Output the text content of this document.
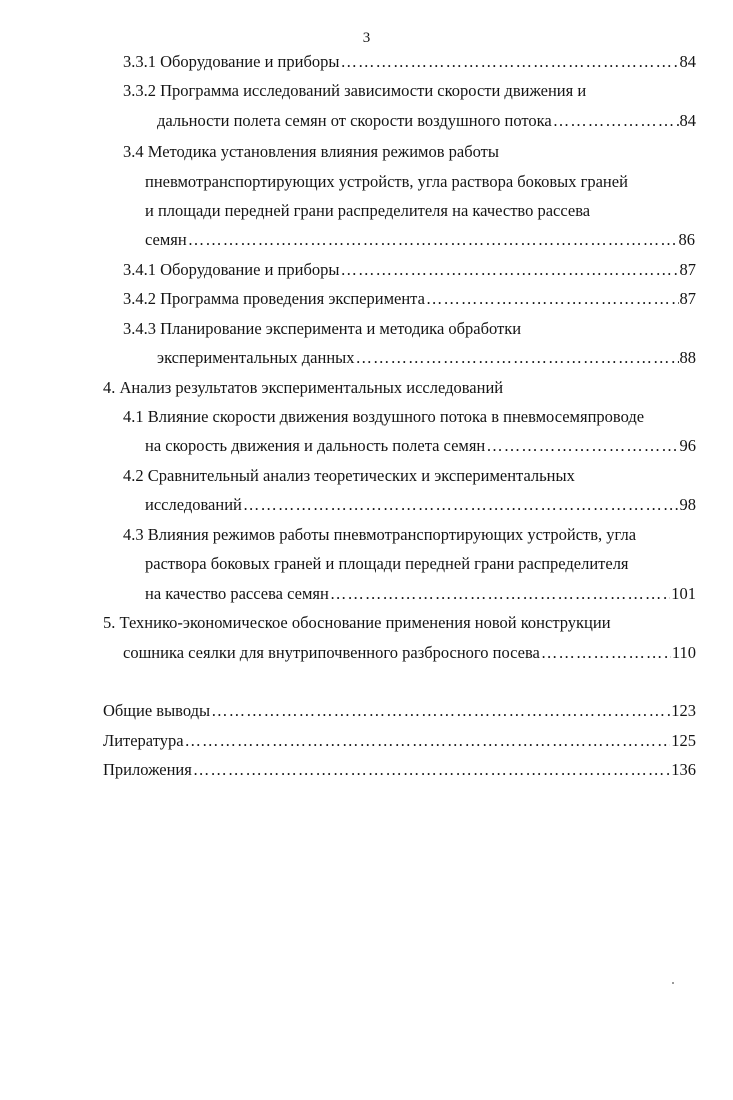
3
3.3.1 Оборудование и приборы ……………………………………………………………………………………………………………………………………………………………………………………………	84
3.3.2 Программа исследований зависимости скорости движения и
дальности полета семян от скорости воздушного потока ……………………………………………………………………………………………………………………………………………………………………………………………	84
3.4 Методика установления влияния режимов работы
пневмотранспортирующих устройств, угла раствора боковых граней
и площади передней грани распределителя на качество рассева
семян ……………………………………………………………………………………………………………………………………………………………………………………………	86
3.4.1 Оборудование и приборы ……………………………………………………………………………………………………………………………………………………………………………………………	87
3.4.2 Программа проведения эксперимента ……………………………………………………………………………………………………………………………………………………………………………………………	87
3.4.3 Планирование эксперимента и методика обработки
экспериментальных данных ……………………………………………………………………………………………………………………………………………………………………………………………	88
4. Анализ результатов экспериментальных исследований
4.1 Влияние скорости движения воздушного потока в пневмосемяпроводе
на скорость движения и дальность полета семян ……………………………………………………………………………………………………………………………………………………………………………………………	96
4.2 Сравнительный анализ теоретических и экспериментальных
исследований ……………………………………………………………………………………………………………………………………………………………………………………………	98
4.3 Влияния режимов работы пневмотранспортирующих устройств, угла
раствора боковых граней и площади передней грани распределителя
на качество рассева семян ……………………………………………………………………………………………………………………………………………………………………………………………	101
5. Технико-экономическое обоснование применения новой конструкции
сошника сеялки для внутрипочвенного разбросного посева ……………………………………………………………………………………………………………………………………………………………………………………………	110
Общие выводы ……………………………………………………………………………………………………………………………………………………………………………………………	123
Литература ……………………………………………………………………………………………………………………………………………………………………………………………	125
Приложения ……………………………………………………………………………………………………………………………………………………………………………………………	136
